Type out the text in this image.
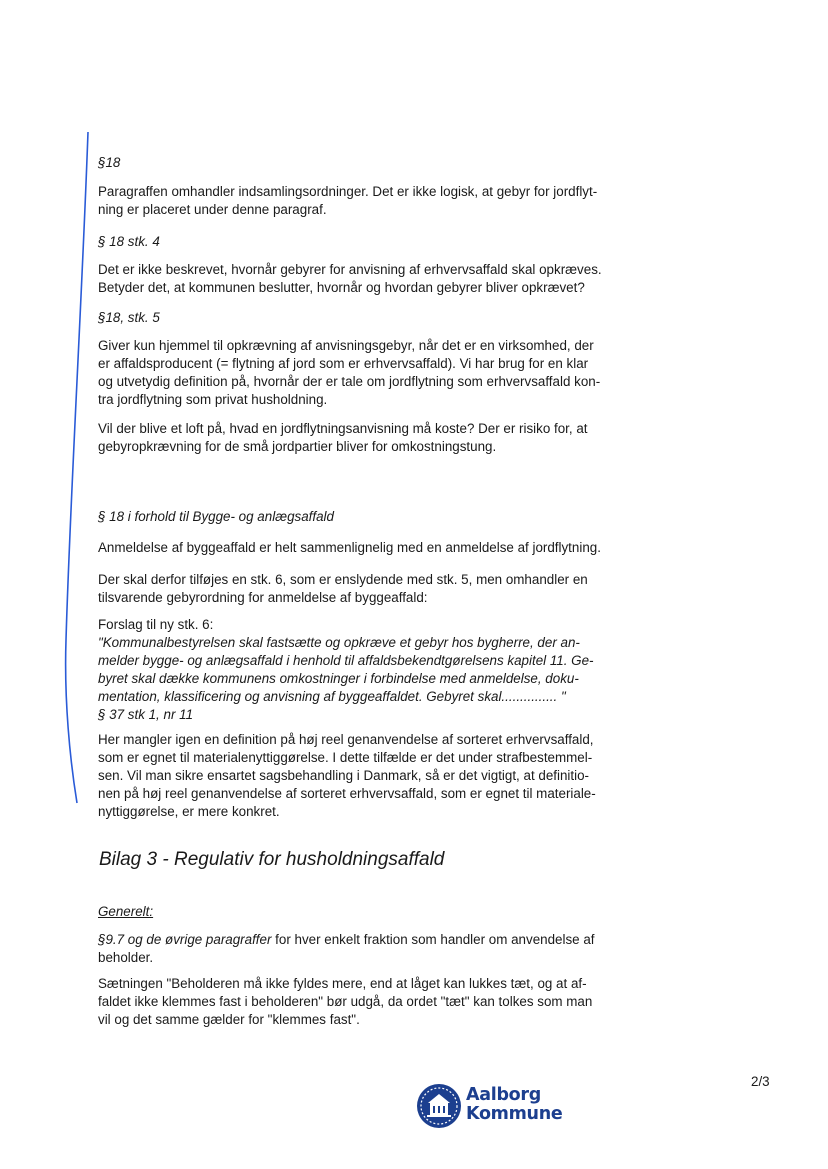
§18

Paragraffen omhandler indsamlingsordninger. Det er ikke logisk, at gebyr for jordflyt-
ning er placeret under denne paragraf.

§ 18 stk. 4

Det er ikke beskrevet, hvornår gebyrer for anvisning af erhvervsaffald skal opkræves.
Betyder det, at kommunen beslutter, hvornår og hvordan gebyrer bliver opkrævet?

§18, stk. 5

Giver kun hjemmel til opkrævning af anvisningsgebyr, når det er en virksomhed, der
er affaldsproducent (= flytning af jord som er erhvervsaffald). Vi har brug for en klar
og utvetydig definition på, hvornår der er tale om jordflytning som erhvervsaffald kon-
tra jordflytning som privat husholdning.

Vil der blive et loft på, hvad en jordflytningsanvisning må koste? Der er risiko for, at
gebyropkrævning for de små jordpartier bliver for omkostningstung.

§ 18 i forhold til Bygge- og anlægsaffald

Anmeldelse af byggeaffald er helt sammenlignelig med en anmeldelse af jordflytning.

Der skal derfor tilføjes en stk. 6, som er enslydende med stk. 5, men omhandler en
tilsvarende gebyrordning for anmeldelse af byggeaffald:

Forslag til ny stk. 6:
"Kommunalbestyrelsen skal fastsætte og opkræve et gebyr hos bygherre, der an-
melder bygge- og anlægsaffald i henhold til affaldsbekendtgørelsens kapitel 11. Ge-
byret skal dække kommunens omkostninger i forbindelse med anmeldelse, doku-
mentation, klassificering og anvisning af byggeaffaldet. Gebyret skal............... "
§ 37 stk 1, nr 11

Her mangler igen en definition på høj reel genanvendelse af sorteret erhvervsaffald,
som er egnet til materialenyttiggørelse. I dette tilfælde er det under strafbestemmel-
sen. Vil man sikre ensartet sagsbehandling i Danmark, så er det vigtigt, at definitio-
nen på høj reel genanvendelse af sorteret erhvervsaffald, som er egnet til materiale-
nyttiggørelse, er mere konkret.

Bilag 3 - Regulativ for husholdningsaffald

Generelt:

§9.7 og de øvrige paragraffer for hver enkelt fraktion som handler om anvendelse af
beholder.

Sætningen "Beholderen må ikke fyldes mere, end at låget kan lukkes tæt, og at af-
faldet ikke klemmes fast i beholderen" bør udgå, da ordet "tæt" kan tolkes som man
vil og det samme gælder for "klemmes fast".

2/3
Aalborg
Kommune
